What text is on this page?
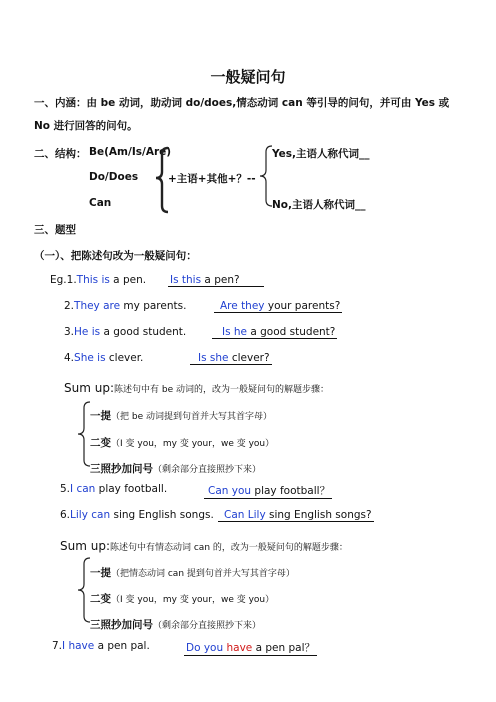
一般疑问句
一、内涵：由 be 动词，助动词 do/does,情态动词 can 等引导的问句，并可由 Yes 或
No 进行回答的问句。
二、结构： Be(Am/Is/Are)
Do/Does
Can
+主语+其他+？--
Yes,主语人称代词__
No,主语人称代词__
三、题型
（一）、把陈述句改为一般疑问句：
Eg.1.This is a pen. Is this a pen?
2.They are my parents.	Are they your parents?
3.He is a good student.	Is he a good student?
4.She is clever.	Is she clever?
Sum up:陈述句中有 be 动词的，改为一般疑问句的解题步骤：
一提（把 be 动词提到句首并大写其首字母）
二变（I 变 you，my 变 your，we 变 you）
三照抄加问号（剩余部分直接照抄下来）
5.I can play football.	Can you play football？
6.Lily can sing English songs. Can Lily sing English songs?
Sum up:陈述句中有情态动词 can 的，改为一般疑问句的解题步骤：
一提（把情态动词 can 提到句首并大写其首字母）
二变（I 变 you，my 变 your，we 变 you）
三照抄加问号（剩余部分直接照抄下来）
7.I have a pen pal.	Do you have a pen pal？
